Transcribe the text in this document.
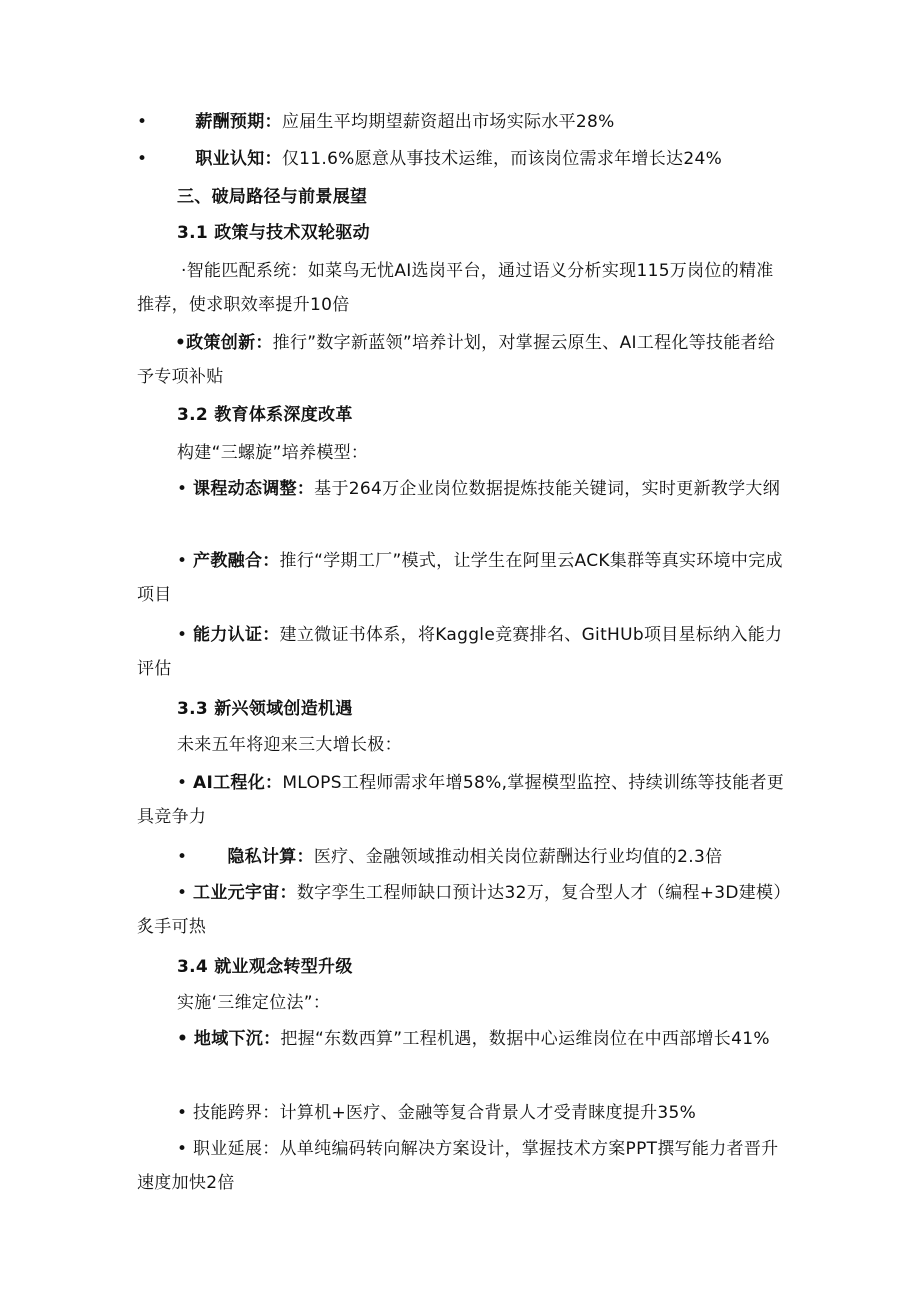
•	薪酬预期：应届生平均期望薪资超出市场实际水平28%
•	职业认知：仅11.6%愿意从事技术运维，而该岗位需求年增长达24%
三、破局路径与前景展望
3.1 政策与技术双轮驱动
·智能匹配系统：如菜鸟无忧AI选岗平台，通过语义分析实现115万岗位的精准推荐，使求职效率提升10倍
•政策创新：推行”数字新蓝领”培养计划，对掌握云原生、AI工程化等技能者给予专项补贴
3.2 教育体系深度改革
构建“三螺旋”培养模型：
• 课程动态调整：基于264万企业岗位数据提炼技能关键词，实时更新教学大纲
• 产教融合：推行“学期工厂”模式，让学生在阿里云ACK集群等真实环境中完成项目
• 能力认证：建立微证书体系，将Kaggle竞赛排名、GitHUb项目星标纳入能力评估
3.3 新兴领域创造机遇
未来五年将迎来三大增长极：
• AI工程化：MLOPS工程师需求年增58%,掌握模型监控、持续训练等技能者更具竞争力
• 隐私计算：医疗、金融领域推动相关岗位薪酬达行业均值的2.3倍
• 工业元宇宙：数字孪生工程师缺口预计达32万，复合型人才（编程+3D建模）炙手可热
3.4 就业观念转型升级
实施‘三维定位法”：
• 地域下沉：把握“东数西算”工程机遇，数据中心运维岗位在中西部增长41%
• 技能跨界：计算机+医疗、金融等复合背景人才受青睐度提升35%
• 职业延展：从单纯编码转向解决方案设计，掌握技术方案PPT撰写能力者晋升速度加快2倍
